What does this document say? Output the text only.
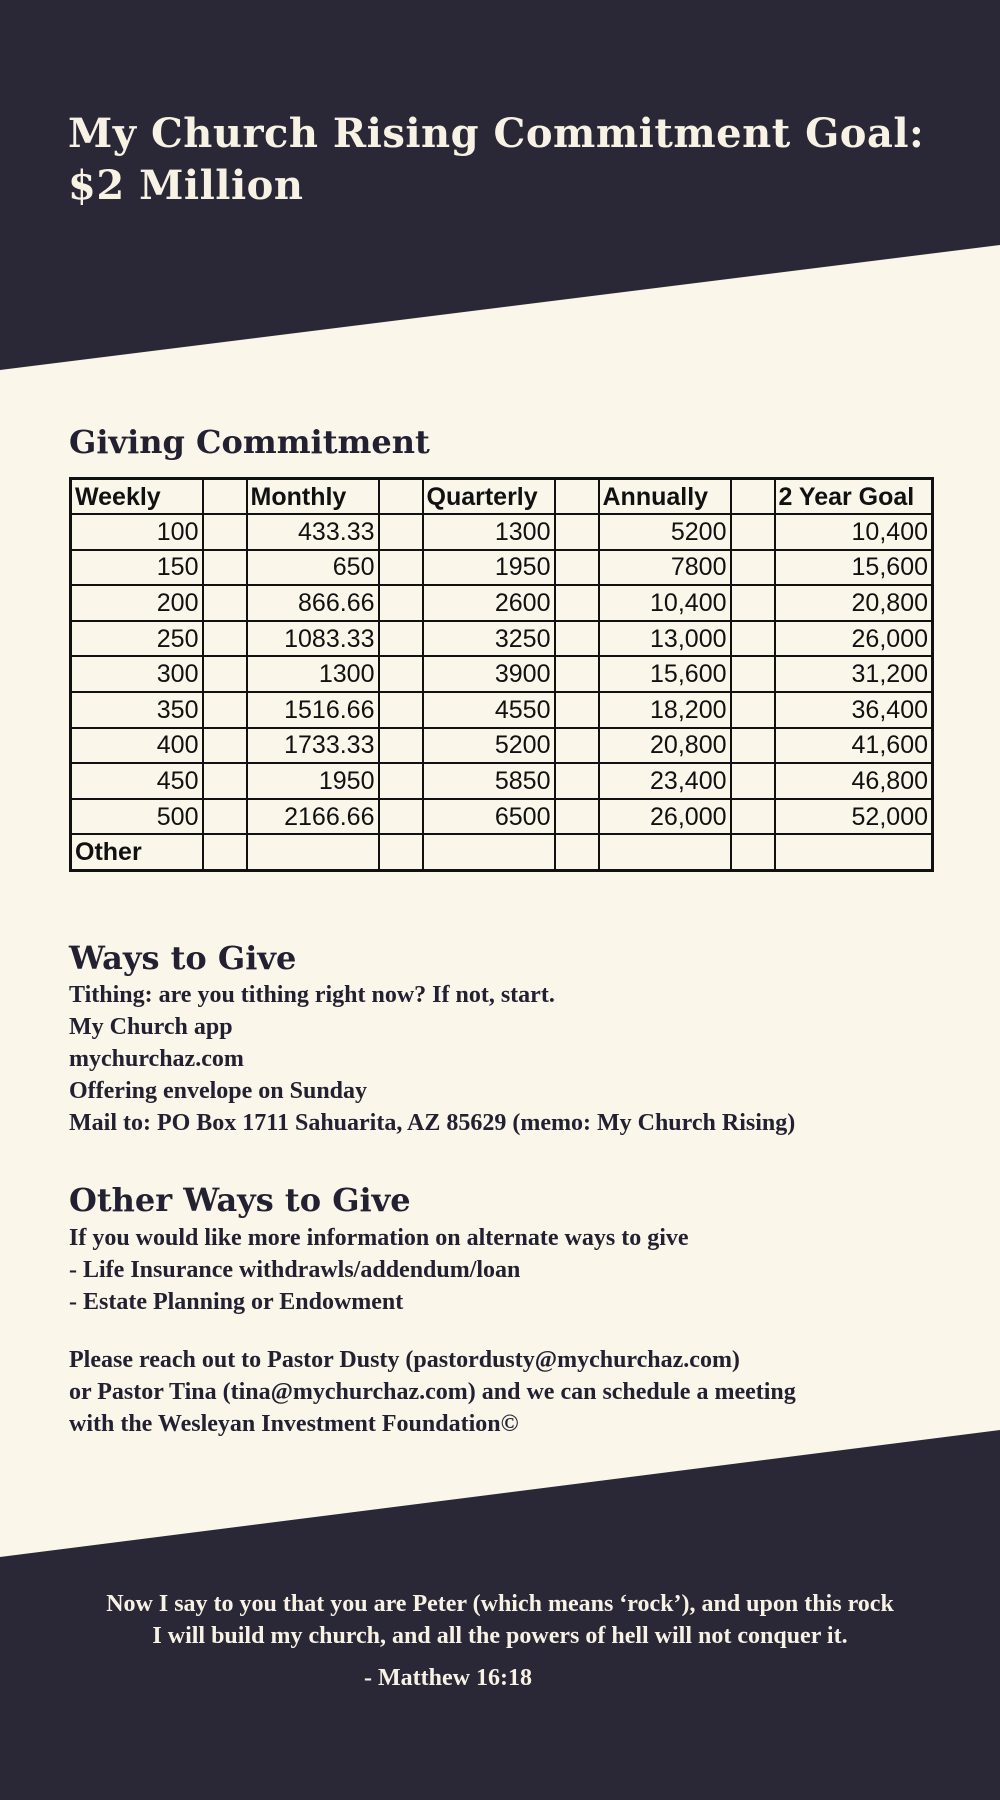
My Church Rising Commitment Goal:
$2 Million
Giving Commitment
Weekly		Monthly		Quarterly		Annually		2 Year Goal
100		433.33		1300		5200		10,400
150		650		1950		7800		15,600
200		866.66		2600		10,400		20,800
250		1083.33		3250		13,000		26,000
300		1300		3900		15,600		31,200
350		1516.66		4550		18,200		36,400
400		1733.33		5200		20,800		41,600
450		1950		5850		23,400		46,800
500		2166.66		6500		26,000		52,000
Other								
Ways to Give
Tithing: are you tithing right now? If not, start.
My Church app
mychurchaz.com
Offering envelope on Sunday
Mail to: PO Box 1711 Sahuarita, AZ 85629 (memo: My Church Rising)
Other Ways to Give
If you would like more information on alternate ways to give
- Life Insurance withdrawls/addendum/loan
- Estate Planning or Endowment
Please reach out to Pastor Dusty (pastordusty@mychurchaz.com)
or Pastor Tina (tina@mychurchaz.com) and we can schedule a meeting
with the Wesleyan Investment Foundation©
Now I say to you that you are Peter (which means ‘rock’), and upon this rock
I will build my church, and all the powers of hell will not conquer it.
- Matthew 16:18
